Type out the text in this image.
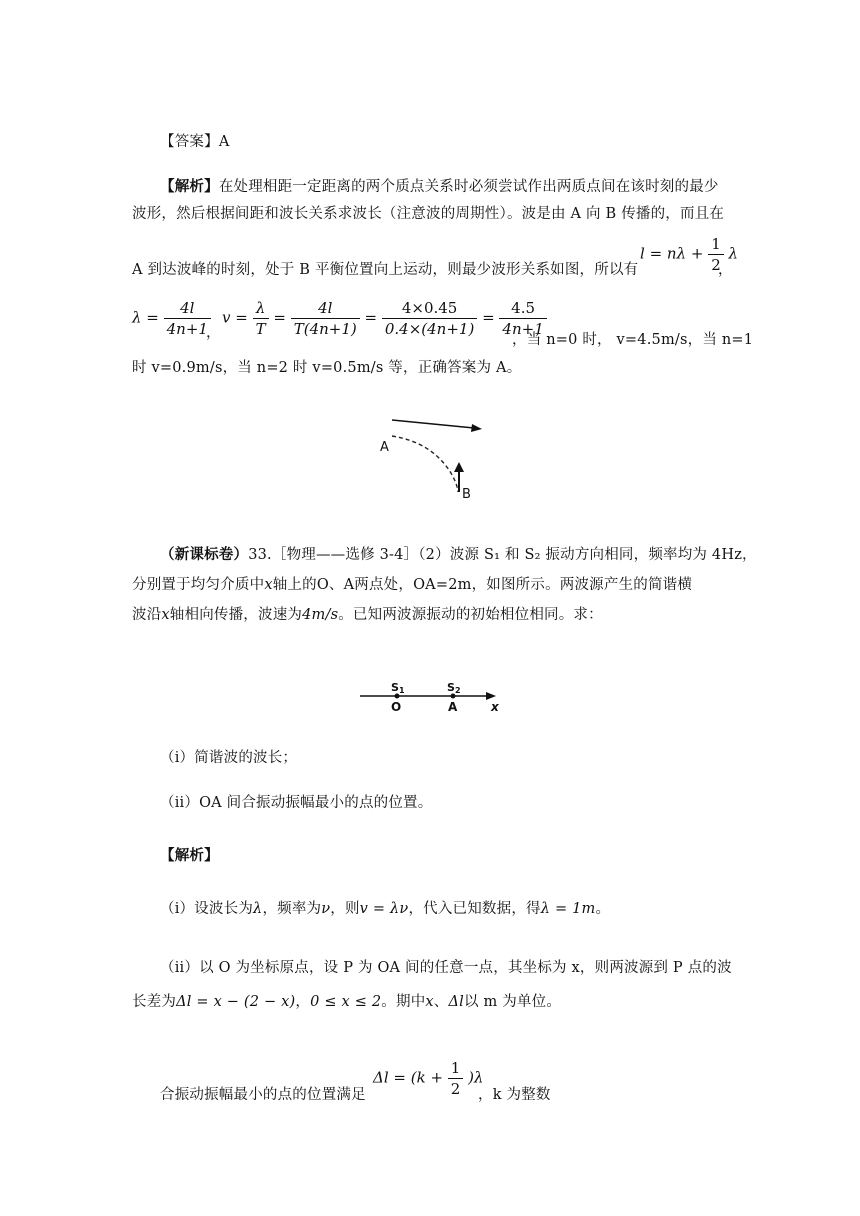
【答案】A
【解析】在处理相距一定距离的两个质点关系时必须尝试作出两质点间在该时刻的最少
波形，然后根据间距和波长关系求波长（注意波的周期性）。波是由 A 向 B 传播的，而且在
A 到达波峰的时刻，处于 B 平衡位置向上运动，则最少波形关系如图，所以有
$l = n\lambda + \frac{1}{2}$ λ
，
$\lambda = \frac{4l}{4n+1}$
，
$v = \frac{\lambda}{T} = \frac{4l}{T(4n+1)} = \frac{4\times 0.45}{0.4\times(4n+1)} = \frac{4.5}{4n+1}$
，当 n=0 时， v=4.5m/s，当 n=1
时 v=0.9m/s，当 n=2 时 v=0.5m/s 等，正确答案为 A。
A
B
（新课标卷）33.［物理——选修 3-4］（2）波源 S₁ 和 S₂ 振动方向相同，频率均为 4Hz，
分别置于均匀介质中x轴上的O、A两点处，OA=2m，如图所示。两波源产生的简谐横
波沿x轴相向传播，波速为4m/s。已知两波源振动的初始相位相同。求：
S1	S2
O	A	x
（i）简谐波的波长；
（ii）OA 间合振动振幅最小的点的位置。
【解析】
（i）设波长为λ，频率为ν，则v = λν，代入已知数据，得λ = 1m。
（ii）以 O 为坐标原点，设 P 为 OA 间的任意一点，其坐标为 x，则两波源到 P 点的波
长差为Δl = x − (2 − x)，0 ≤ x ≤ 2。期中x、Δl以 m 为单位。
合振动振幅最小的点的位置满足
$\Delta l = (k + \frac{1}{2} )\lambda$
，k 为整数
